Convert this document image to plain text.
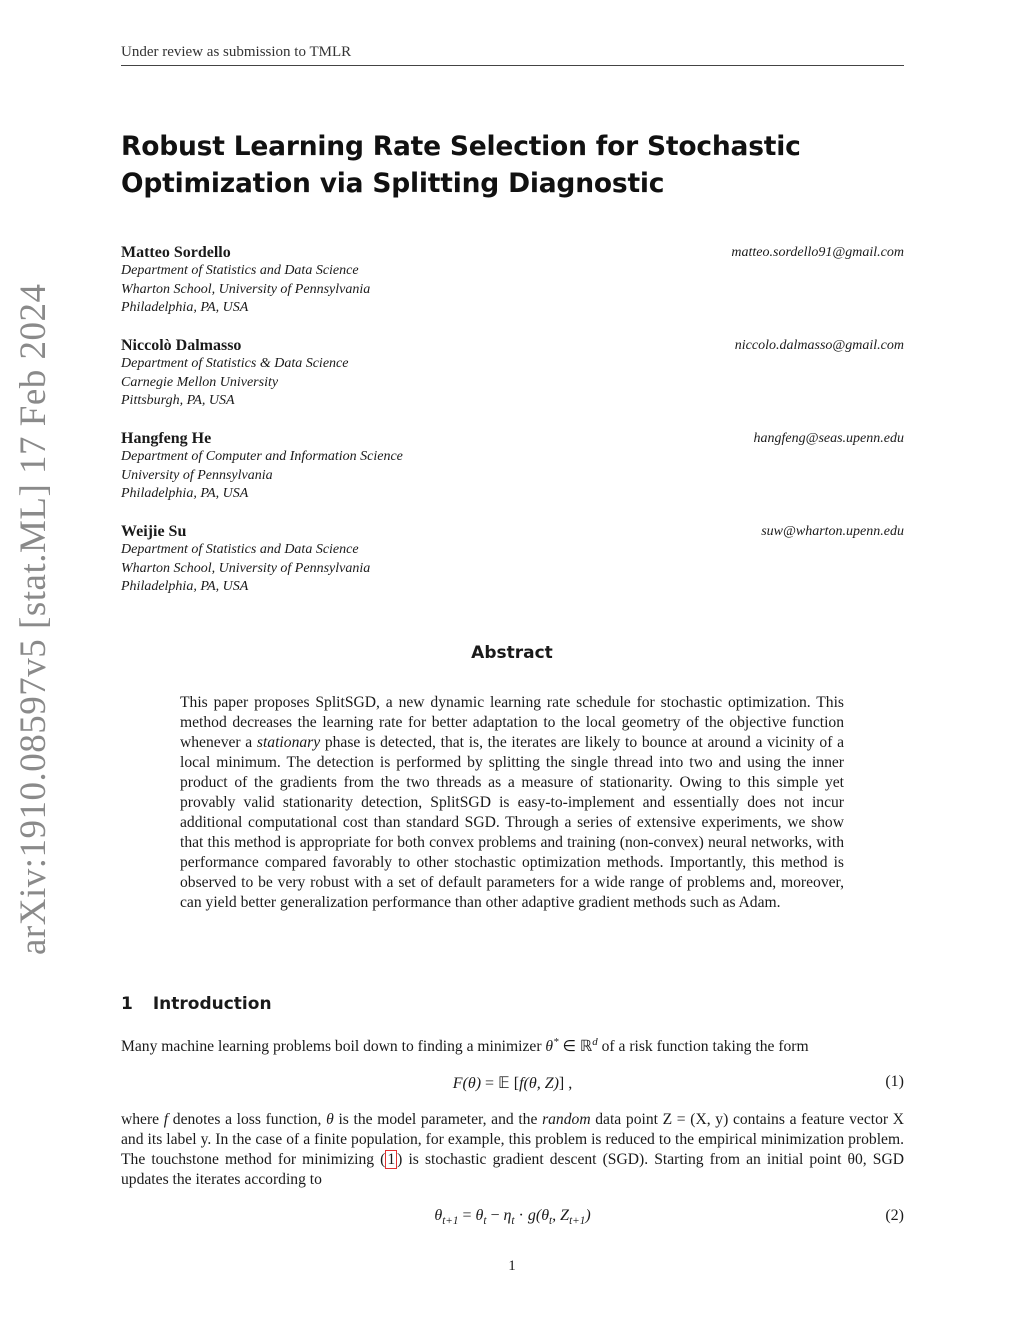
Under review as submission to TMLR
arXiv:1910.08597v5 [stat.ML] 17 Feb 2024
Robust Learning Rate Selection for Stochastic Optimization via Splitting Diagnostic
Matteo Sordello	matteo.sordello91@gmail.com
Department of Statistics and Data Science
Wharton School, University of Pennsylvania
Philadelphia, PA, USA
Niccolò Dalmasso	niccolo.dalmasso@gmail.com
Department of Statistics & Data Science
Carnegie Mellon University
Pittsburgh, PA, USA
Hangfeng He	hangfeng@seas.upenn.edu
Department of Computer and Information Science
University of Pennsylvania
Philadelphia, PA, USA
Weijie Su	suw@wharton.upenn.edu
Department of Statistics and Data Science
Wharton School, University of Pennsylvania
Philadelphia, PA, USA
Abstract

This paper proposes SplitSGD, a new dynamic learning rate schedule for stochastic optimization. This method decreases the learning rate for better adaptation to the local geometry of the objective function whenever a stationary phase is detected, that is, the iterates are likely to bounce at around a vicinity of a local minimum. The detection is performed by splitting the single thread into two and using the inner product of the gradients from the two threads as a measure of stationarity. Owing to this simple yet provably valid stationarity detection, SplitSGD is easy-to-implement and essentially does not incur additional computational cost than standard SGD. Through a series of extensive experiments, we show that this method is appropriate for both convex problems and training (non-convex) neural networks, with performance compared favorably to other stochastic optimization methods. Importantly, this method is observed to be very robust with a set of default parameters for a wide range of problems and, moreover, can yield better generalization performance than other adaptive gradient methods such as Adam.

1 Introduction

Many machine learning problems boil down to finding a minimizer θ* ∈ ℝ$^d$ of a risk function taking the form

F(θ) = 𝔼 [f(θ, Z)] ,	(1)

where f denotes a loss function, θ is the model parameter, and the random data point Z = (X, y) contains a feature vector X and its label y. In the case of a finite population, for example, this problem is reduced to the empirical minimization problem. The touchstone method for minimizing ( 1 ) is stochastic gradient descent (SGD). Starting from an initial point θ0, SGD updates the iterates according to

$\theta_{t+1} = \theta_t - \eta_t \cdot g(\theta_t$, $Z_{t+1}$)	(2)
1
